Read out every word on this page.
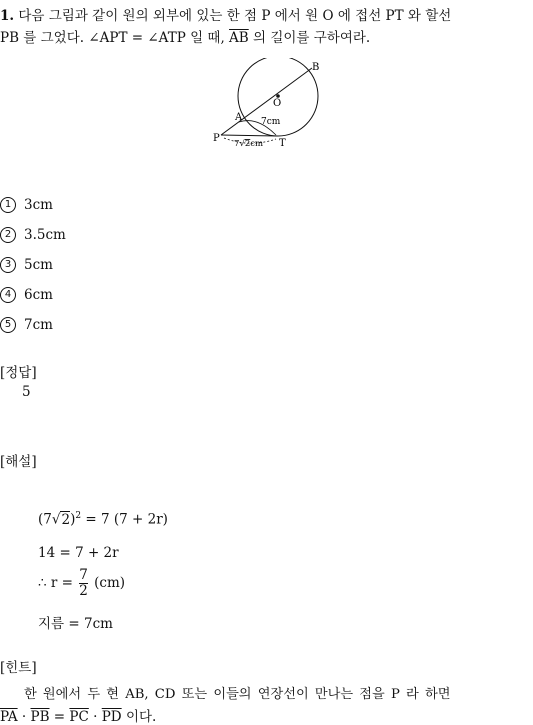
1. 다음 그림과 같이 원의 외부에 있는 한 점 P 에서 원 O 에 접선 PT 와 할선
PB 를 그었다. ∠APT = ∠ATP 일 때, $\overline{AB}$ 의 길이를 구하여라.
B
O
A
P	T
7cm
7√2cm
1 3cm
2 3.5cm
3 5cm
4 6cm
5 7cm
[정답]
5
[해설]
$(7√2)^2 = 7$ (7 + 2r)
14 = 7 + 2r
∴ $r = \frac{7}{2} (cm)$
지름 = 7cm
[힌트]
한 원에서 두 현 AB, CD 또는 이들의 연장선이 만나는 점을 P 라 하면
$\overline{PA} \cdot \overline{PB} = \overline{PC} \cdot \overline{PD}$ 이다.
